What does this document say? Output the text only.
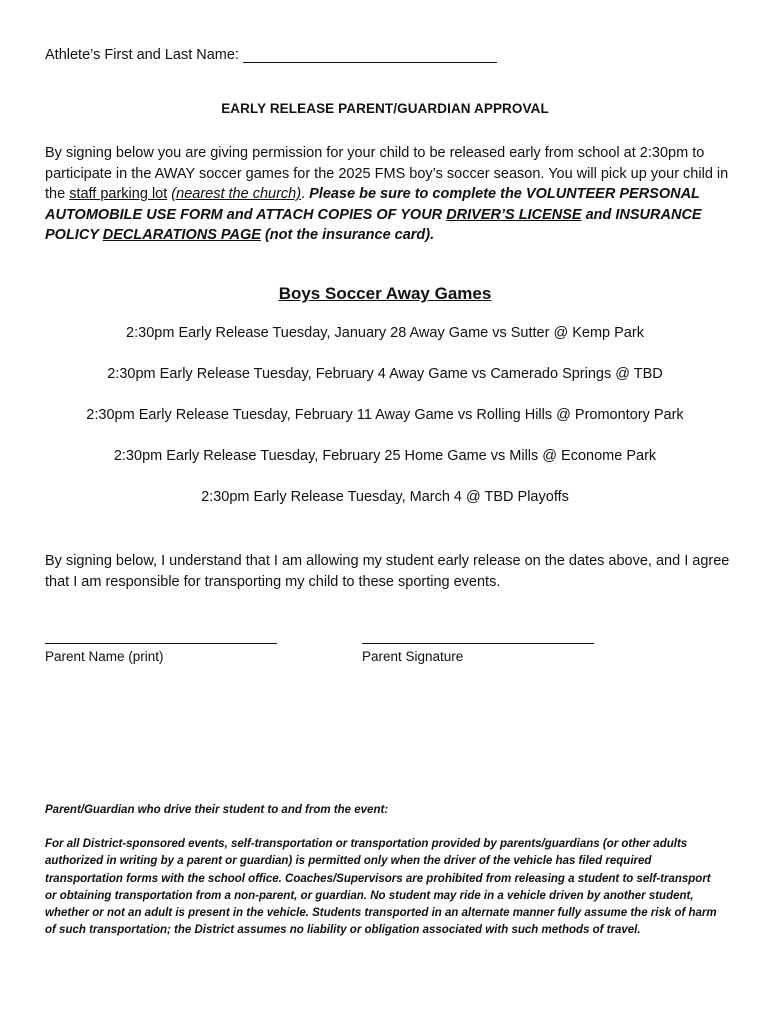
Athlete’s First and Last Name:
EARLY RELEASE PARENT/GUARDIAN APPROVAL
By signing below you are giving permission for your child to be released early from school at 2:30pm to participate in the AWAY soccer games for the 2025 FMS boy’s soccer season. You will pick up your child in the staff parking lot (nearest the church). Please be sure to complete the VOLUNTEER PERSONAL AUTOMOBILE USE FORM and ATTACH COPIES OF YOUR DRIVER’S LICENSE and INSURANCE POLICY DECLARATIONS PAGE (not the insurance card).
Boys Soccer Away Games
2:30pm Early Release Tuesday, January 28 Away Game vs Sutter @ Kemp Park
2:30pm Early Release Tuesday, February 4 Away Game vs Camerado Springs @ TBD
2:30pm Early Release Tuesday, February 11 Away Game vs Rolling Hills @ Promontory Park
2:30pm Early Release Tuesday, February 25 Home Game vs Mills @ Econome Park
2:30pm Early Release Tuesday, March 4 @ TBD Playoffs
By signing below, I understand that I am allowing my student early release on the dates above, and I agree that I am responsible for transporting my child to these sporting events.
Parent Name (print)	Parent Signature
Parent/Guardian who drive their student to and from the event:
For all District-sponsored events, self-transportation or transportation provided by parents/guardians (or other adults authorized in writing by a parent or guardian) is permitted only when the driver of the vehicle has filed required transportation forms with the school office. Coaches/Supervisors are prohibited from releasing a student to self-transport or obtaining transportation from a non-parent, or guardian. No student may ride in a vehicle driven by another student, whether or not an adult is present in the vehicle. Students transported in an alternate manner fully assume the risk of harm of such transportation; the District assumes no liability or obligation associated with such methods of travel.
